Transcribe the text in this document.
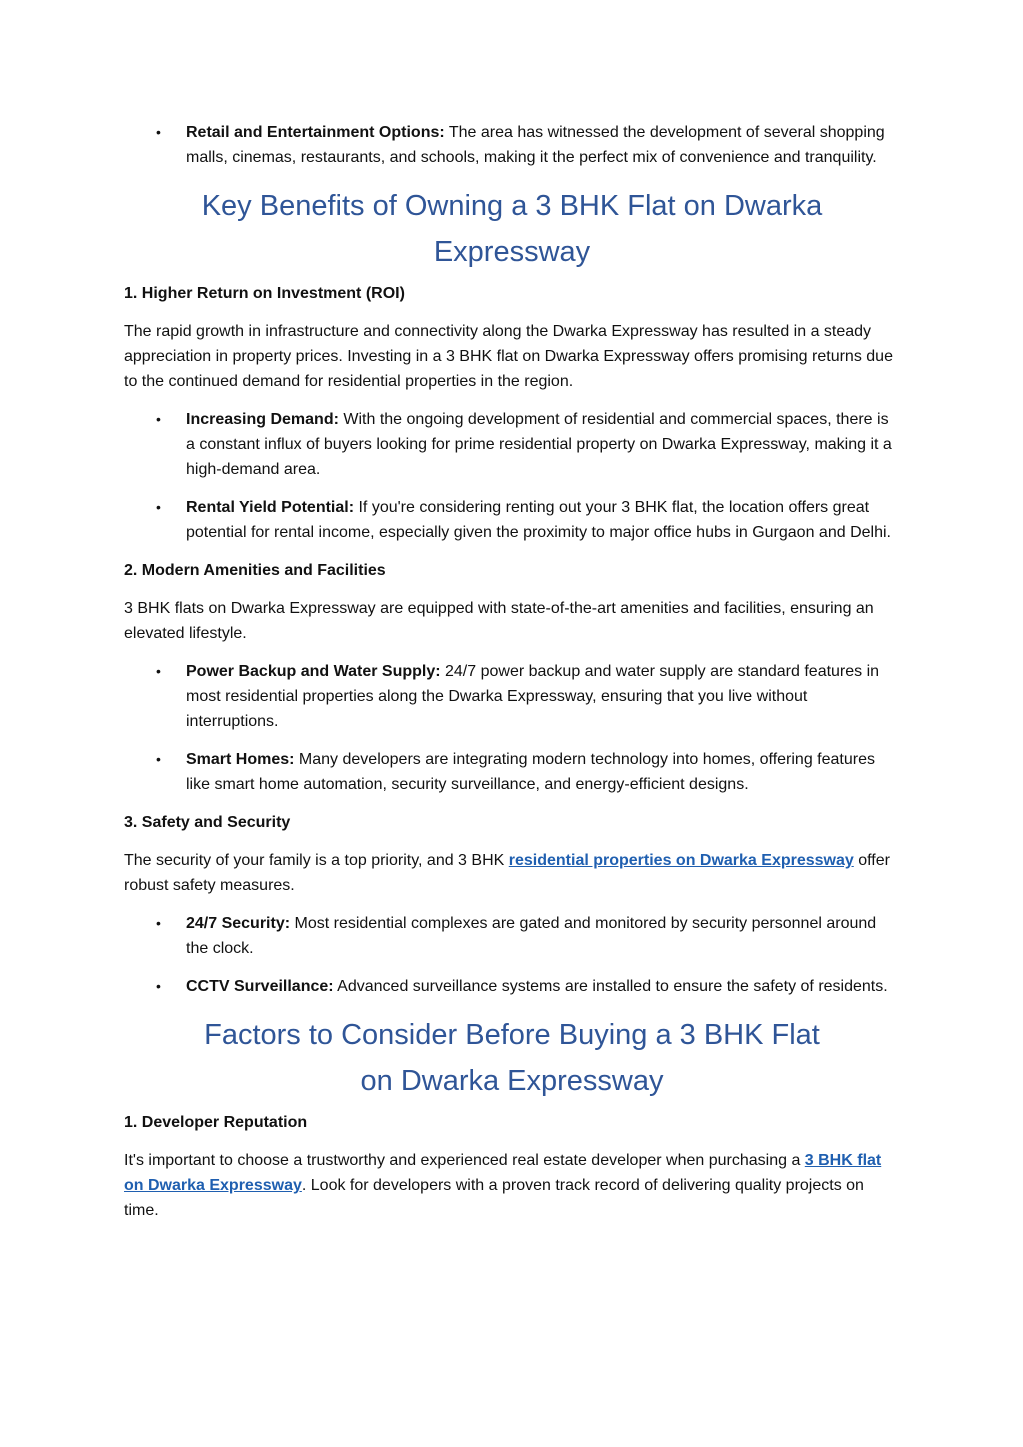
•	Retail and Entertainment Options: The area has witnessed the development of several shopping malls, cinemas, restaurants, and schools, making it the perfect mix of convenience and tranquility.
Key Benefits of Owning a 3 BHK Flat on Dwarka Expressway
1. Higher Return on Investment (ROI)

The rapid growth in infrastructure and connectivity along the Dwarka Expressway has resulted in a steady appreciation in property prices. Investing in a 3 BHK flat on Dwarka Expressway offers promising returns due to the continued demand for residential properties in the region.

•	Increasing Demand: With the ongoing development of residential and commercial spaces, there is a constant influx of buyers looking for prime residential property on Dwarka Expressway, making it a high-demand area.
•	Rental Yield Potential: If you're considering renting out your 3 BHK flat, the location offers great potential for rental income, especially given the proximity to major office hubs in Gurgaon and Delhi.
2. Modern Amenities and Facilities

3 BHK flats on Dwarka Expressway are equipped with state-of-the-art amenities and facilities, ensuring an elevated lifestyle.

•	Power Backup and Water Supply: 24/7 power backup and water supply are standard features in most residential properties along the Dwarka Expressway, ensuring that you live without interruptions.
•	Smart Homes: Many developers are integrating modern technology into homes, offering features like smart home automation, security surveillance, and energy-efficient designs.
3. Safety and Security

The security of your family is a top priority, and 3 BHK residential properties on Dwarka Expressway offer robust safety measures.

•	24/7 Security: Most residential complexes are gated and monitored by security personnel around the clock.
•	CCTV Surveillance: Advanced surveillance systems are installed to ensure the safety of residents.
Factors to Consider Before Buying a 3 BHK Flat on Dwarka Expressway
1. Developer Reputation

It's important to choose a trustworthy and experienced real estate developer when purchasing a 3 BHK flat on Dwarka Expressway. Look for developers with a proven track record of delivering quality projects on time.
